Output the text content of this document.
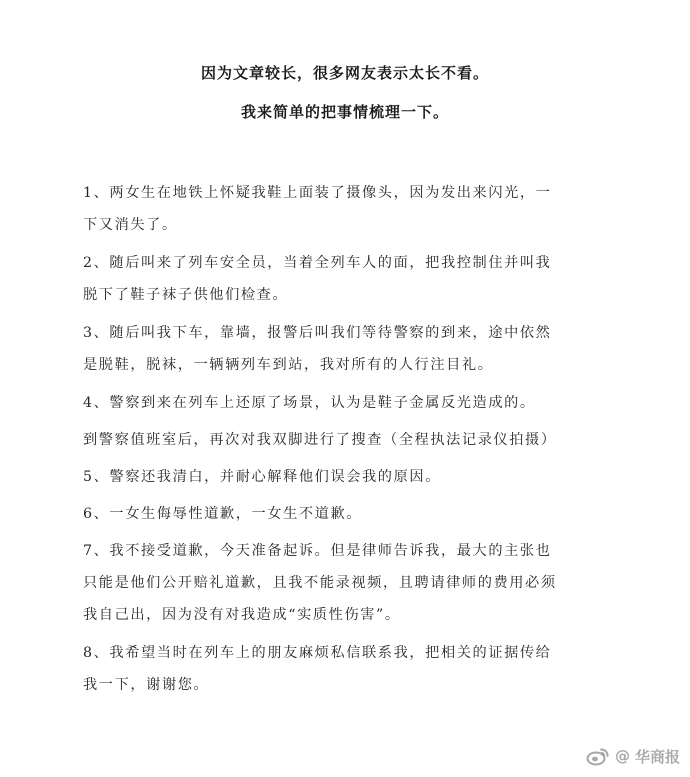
因为文章较长，很多网友表示太长不看。
我来简单的把事情梳理一下。
1、两女生在地铁上怀疑我鞋上面装了摄像头，因为发出来闪光，一
下又消失了。
2、随后叫来了列车安全员，当着全列车人的面，把我控制住并叫我
脱下了鞋子袜子供他们检查。
3、随后叫我下车，靠墙，报警后叫我们等待警察的到来，途中依然
是脱鞋，脱袜，一辆辆列车到站，我对所有的人行注目礼。
4、警察到来在列车上还原了场景，认为是鞋子金属反光造成的。
到警察值班室后，再次对我双脚进行了搜查（全程执法记录仪拍摄）
5、警察还我清白，并耐心解释他们误会我的原因。
6、一女生侮辱性道歉，一女生不道歉。
7、我不接受道歉，今天准备起诉。但是律师告诉我，最大的主张也
只能是他们公开赔礼道歉，且我不能录视频，且聘请律师的费用必须
我自己出，因为没有对我造成“实质性伤害”。
8、我希望当时在列车上的朋友麻烦私信联系我，把相关的证据传给
我一下，谢谢您。
@ 华商报
